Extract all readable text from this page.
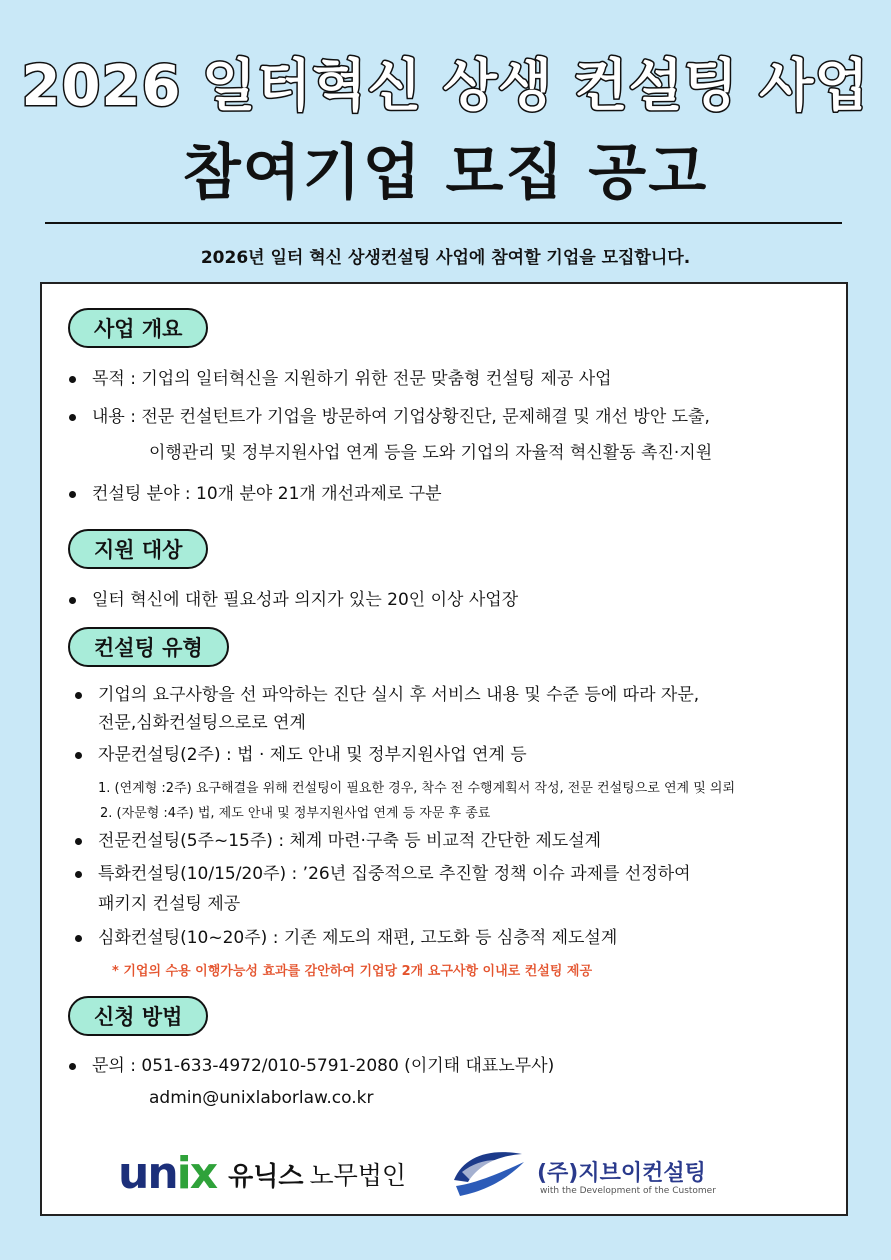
2026 일터혁신 상생 컨설팅 사업
참여기업 모집 공고
2026년 일터 혁신 상생컨설팅 사업에 참여할 기업을 모집합니다.
사업 개요
목적 : 기업의 일터혁신을 지원하기 위한 전문 맞춤형 컨설팅 제공 사업
내용 : 전문 컨설턴트가 기업을 방문하여 기업상황진단, 문제해결 및 개선 방안 도출,
이행관리 및 정부지원사업 연계 등을 도와 기업의 자율적 혁신활동 촉진·지원
컨설팅 분야 : 10개 분야 21개 개선과제로 구분
지원 대상
일터 혁신에 대한 필요성과 의지가 있는 20인 이상 사업장
컨설팅 유형
기업의 요구사항을 선 파악하는 진단 실시 후 서비스 내용 및 수준 등에 따라 자문,
전문,심화컨설팅으로로 연계
자문컨설팅(2주) : 법 · 제도 안내 및 정부지원사업 연계 등
1. (연계형 :2주) 요구해결을 위해 컨설팅이 필요한 경우, 착수 전 수행계획서 작성, 전문 컨설팅으로 연계 및 의뢰
2. (자문형 :4주) 법, 제도 안내 및 정부지원사업 연계 등 자문 후 종료
전문컨설팅(5주~15주) : 체계 마련·구축 등 비교적 간단한 제도설계
특화컨설팅(10/15/20주) : ’26년 집중적으로 추진할 정책 이슈 과제를 선정하여
패키지 컨설팅 제공
심화컨설팅(10~20주) : 기존 제도의 재편, 고도화 등 심층적 제도설계
* 기업의 수용 이행가능성 효과를 감안하여 기업당 2개 요구사항 이내로 컨설팅 제공
신청 방법
문의 : 051-633-4972/010-5791-2080 (이기태 대표노무사)
admin@unixlaborlaw.co.kr
unix 유닉스 노무법인	(주)지브이컨설팅
with the Development of the Customer
